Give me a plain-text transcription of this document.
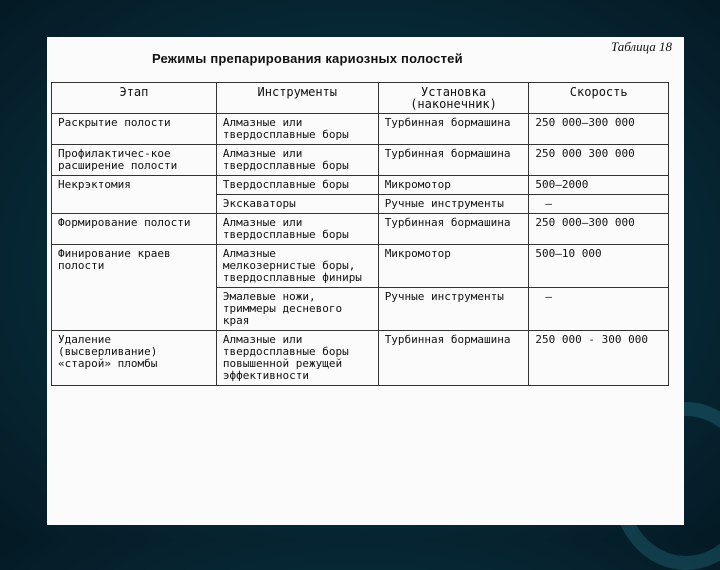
Таблица 18
Режимы препарирования кариозных полостей
Этап	Инструменты	Установка (наконечник)	Скорость
Раскрытие полости	Алмазные или твердосплавные боры	Турбинная бормашина	250 000–300 000
Профилактичес-кое расширение полости	Алмазные или твердосплавные боры	Турбинная бормашина	250 000 300 000
Некрэктомия	Твердосплавные боры	Микромотор	500–2000
	Экскаваторы	Ручные инструменты	–
Формирование полости	Алмазные или твердосплавные боры	Турбинная бормашина	250 000–300 000
Финирование краев полости	Алмазные мелкозернистые боры, твердосплавные финиры	Микромотор	500–10 000
	Эмалевые ножи, триммеры десневого края	Ручные инструменты	–
Удаление (высверливание) «старой» пломбы	Алмазные или твердосплавные боры повышенной режущей эффективности	Турбинная бормашина	250 000 - 300 000
